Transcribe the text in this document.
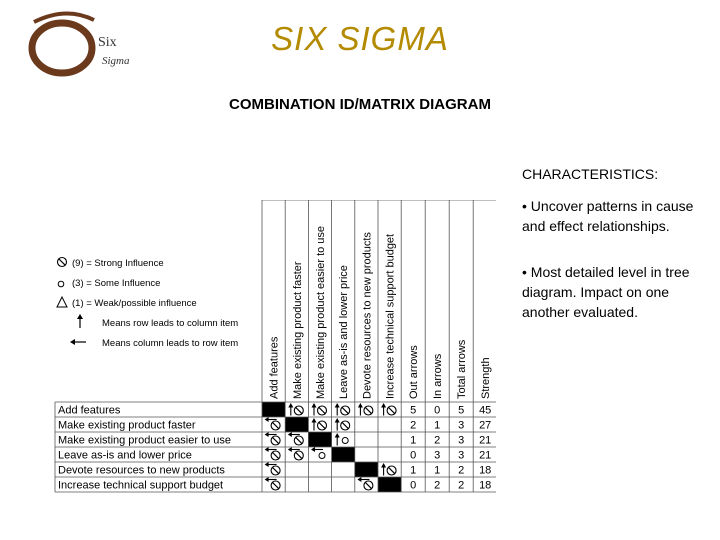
Six
Sigma
SIX SIGMA
COMBINATION ID/MATRIX DIAGRAM
CHARACTERISTICS:
• Uncover patterns in cause and effect relationships.
• Most detailed level in tree diagram. Impact on one another evaluated.
(9) = Strong Influence
(3) = Some Influence
(1) = Weak/possible influence
Means row leads to column item
Means column leads to row item	Add features Make existing product faster Make existing product easier to use Leave as-is and lower price Devote resources to new products Increase technical support budget Out arrows In arrows Total arrows Strength
Add features
Make existing product faster
Make existing product easier to use
Leave as-is and lower price
Devote resources to new products
Increase technical support budget
5 0 5 45
2 1 3 27
1 2 3 21
0 3 3 21
1 1 2 18
0 2 2 18
